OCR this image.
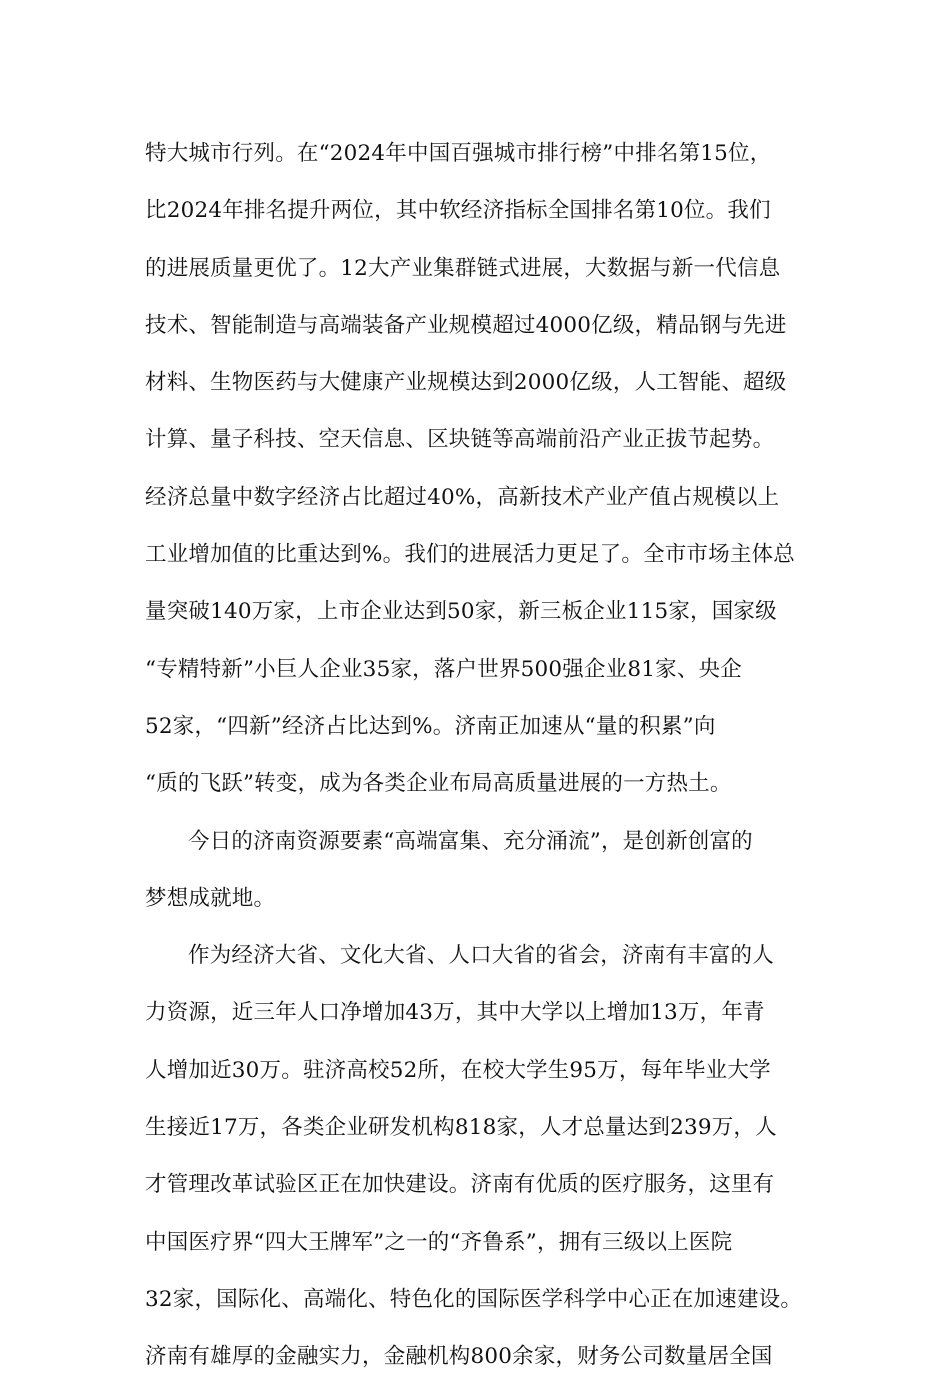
特大城市行列。在“2024年中国百强城市排行榜”中排名第15位，
比2024年排名提升两位，其中软经济指标全国排名第10位。我们
的进展质量更优了。12大产业集群链式进展，大数据与新一代信息
技术、智能制造与高端装备产业规模超过4000亿级，精品钢与先进
材料、生物医药与大健康产业规模达到2000亿级，人工智能、超级
计算、量子科技、空天信息、区块链等高端前沿产业正拔节起势。
经济总量中数字经济占比超过40%，高新技术产业产值占规模以上
工业增加值的比重达到%。我们的进展活力更足了。全市市场主体总
量突破140万家，上市企业达到50家，新三板企业115家，国家级
“专精特新”小巨人企业35家，落户世界500强企业81家、央企
52家，“四新”经济占比达到%。济南正加速从“量的积累”向
“质的飞跃”转变，成为各类企业布局高质量进展的一方热土。
今日的济南资源要素“高端富集、充分涌流”，是创新创富的
梦想成就地。
作为经济大省、文化大省、人口大省的省会，济南有丰富的人
力资源，近三年人口净增加43万，其中大学以上增加13万，年青
人增加近30万。驻济高校52所，在校大学生95万，每年毕业大学
生接近17万，各类企业研发机构818家，人才总量达到239万，人
才管理改革试验区正在加快建设。济南有优质的医疗服务，这里有
中国医疗界“四大王牌军”之一的“齐鲁系”，拥有三级以上医院
32家，国际化、高端化、特色化的国际医学科学中心正在加速建设。
济南有雄厚的金融实力，金融机构800余家，财务公司数量居全国
